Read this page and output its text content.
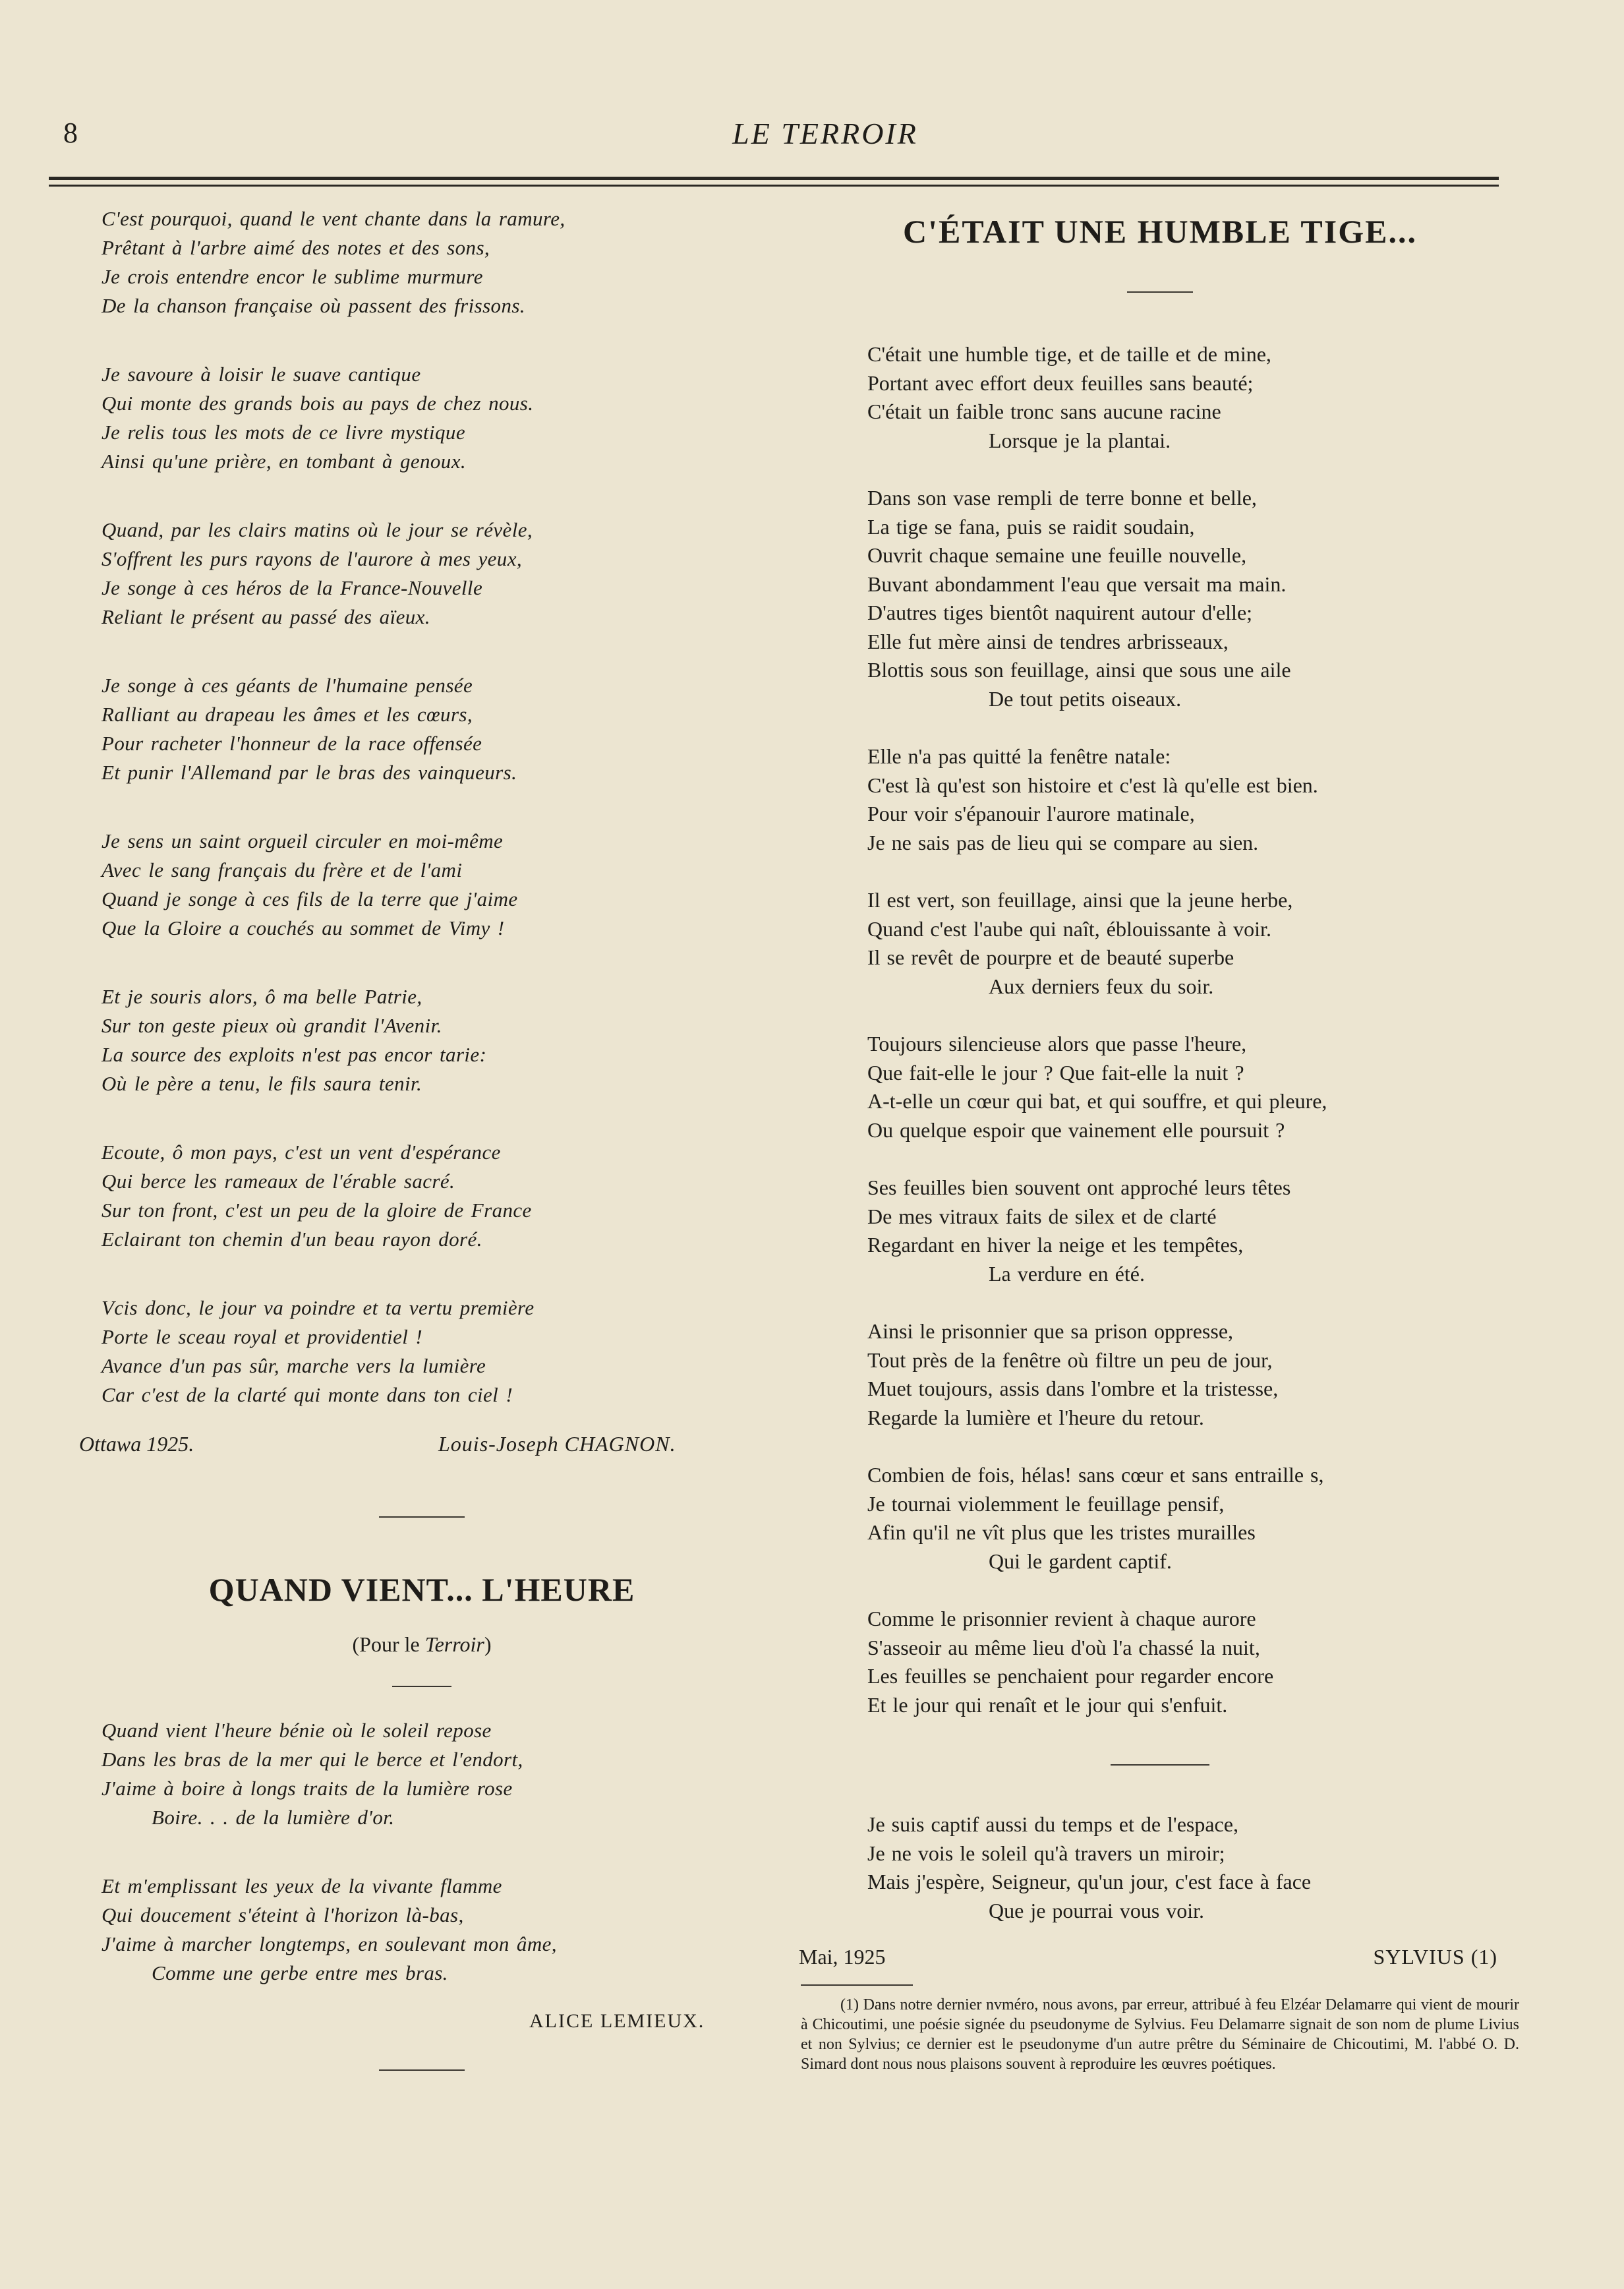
8	LE TERROIR
C'est pourquoi, quand le vent chante dans la ramure,
Prêtant à l'arbre aimé des notes et des sons,
Je crois entendre encor le sublime murmure
De la chanson française où passent des frissons.
Je savoure à loisir le suave cantique
Qui monte des grands bois au pays de chez nous.
Je relis tous les mots de ce livre mystique
Ainsi qu'une prière, en tombant à genoux.
Quand, par les clairs matins où le jour se révèle,
S'offrent les purs rayons de l'aurore à mes yeux,
Je songe à ces héros de la France-Nouvelle
Reliant le présent au passé des aïeux.
Je songe à ces géants de l'humaine pensée
Ralliant au drapeau les âmes et les cœurs,
Pour racheter l'honneur de la race offensée
Et punir l'Allemand par le bras des vainqueurs.
Je sens un saint orgueil circuler en moi-même
Avec le sang français du frère et de l'ami
Quand je songe à ces fils de la terre que j'aime
Que la Gloire a couchés au sommet de Vimy !
Et je souris alors, ô ma belle Patrie,
Sur ton geste pieux où grandit l'Avenir.
La source des exploits n'est pas encor tarie:
Où le père a tenu, le fils saura tenir.
Ecoute, ô mon pays, c'est un vent d'espérance
Qui berce les rameaux de l'érable sacré.
Sur ton front, c'est un peu de la gloire de France
Eclairant ton chemin d'un beau rayon doré.
Vcis donc, le jour va poindre et ta vertu première
Porte le sceau royal et providentiel !
Avance d'un pas sûr, marche vers la lumière
Car c'est de la clarté qui monte dans ton ciel !
Ottawa 1925.	Louis-Joseph CHAGNON.
QUAND VIENT... L'HEURE
(Pour le Terroir)
Quand vient l'heure bénie où le soleil repose
Dans les bras de la mer qui le berce et l'endort,
J'aime à boire à longs traits de la lumière rose
Boire. . . de la lumière d'or.
Et m'emplissant les yeux de la vivante flamme
Qui doucement s'éteint à l'horizon là-bas,
J'aime à marcher longtemps, en soulevant mon âme,
Comme une gerbe entre mes bras.
ALICE LEMIEUX.
C'ÉTAIT UNE HUMBLE TIGE...
C'était une humble tige, et de taille et de mine,
Portant avec effort deux feuilles sans beauté;
C'était un faible tronc sans aucune racine
Lorsque je la plantai.
Dans son vase rempli de terre bonne et belle,
La tige se fana, puis se raidit soudain,
Ouvrit chaque semaine une feuille nouvelle,
Buvant abondamment l'eau que versait ma main.
D'autres tiges bientôt naquirent autour d'elle;
Elle fut mère ainsi de tendres arbrisseaux,
Blottis sous son feuillage, ainsi que sous une aile
De tout petits oiseaux.
Elle n'a pas quitté la fenêtre natale:
C'est là qu'est son histoire et c'est là qu'elle est bien.
Pour voir s'épanouir l'aurore matinale,
Je ne sais pas de lieu qui se compare au sien.
Il est vert, son feuillage, ainsi que la jeune herbe,
Quand c'est l'aube qui naît, éblouissante à voir.
Il se revêt de pourpre et de beauté superbe
Aux derniers feux du soir.
Toujours silencieuse alors que passe l'heure,
Que fait-elle le jour ? Que fait-elle la nuit ?
A-t-elle un cœur qui bat, et qui souffre, et qui pleure,
Ou quelque espoir que vainement elle poursuit ?
Ses feuilles bien souvent ont approché leurs têtes
De mes vitraux faits de silex et de clarté
Regardant en hiver la neige et les tempêtes,
La verdure en été.
Ainsi le prisonnier que sa prison oppresse,
Tout près de la fenêtre où filtre un peu de jour,
Muet toujours, assis dans l'ombre et la tristesse,
Regarde la lumière et l'heure du retour.
Combien de fois, hélas! sans cœur et sans entraille s,
Je tournai violemment le feuillage pensif,
Afin qu'il ne vît plus que les tristes murailles
Qui le gardent captif.
Comme le prisonnier revient à chaque aurore
S'asseoir au même lieu d'où l'a chassé la nuit,
Les feuilles se penchaient pour regarder encore
Et le jour qui renaît et le jour qui s'enfuit.
Je suis captif aussi du temps et de l'espace,
Je ne vois le soleil qu'à travers un miroir;
Mais j'espère, Seigneur, qu'un jour, c'est face à face
Que je pourrai vous voir.
Mai, 1925	SYLVIUS (1)
(1) Dans notre dernier nvméro, nous avons, par erreur, attribué à feu Elzéar Delamarre qui vient de mourir à Chicoutimi, une poésie signée du pseudonyme de Sylvius. Feu Delamarre signait de son nom de plume Livius et non Sylvius; ce dernier est le pseudonyme d'un autre prêtre du Séminaire de Chicoutimi, M. l'abbé O. D. Simard dont nous nous plaisons souvent à reproduire les œuvres poétiques.
